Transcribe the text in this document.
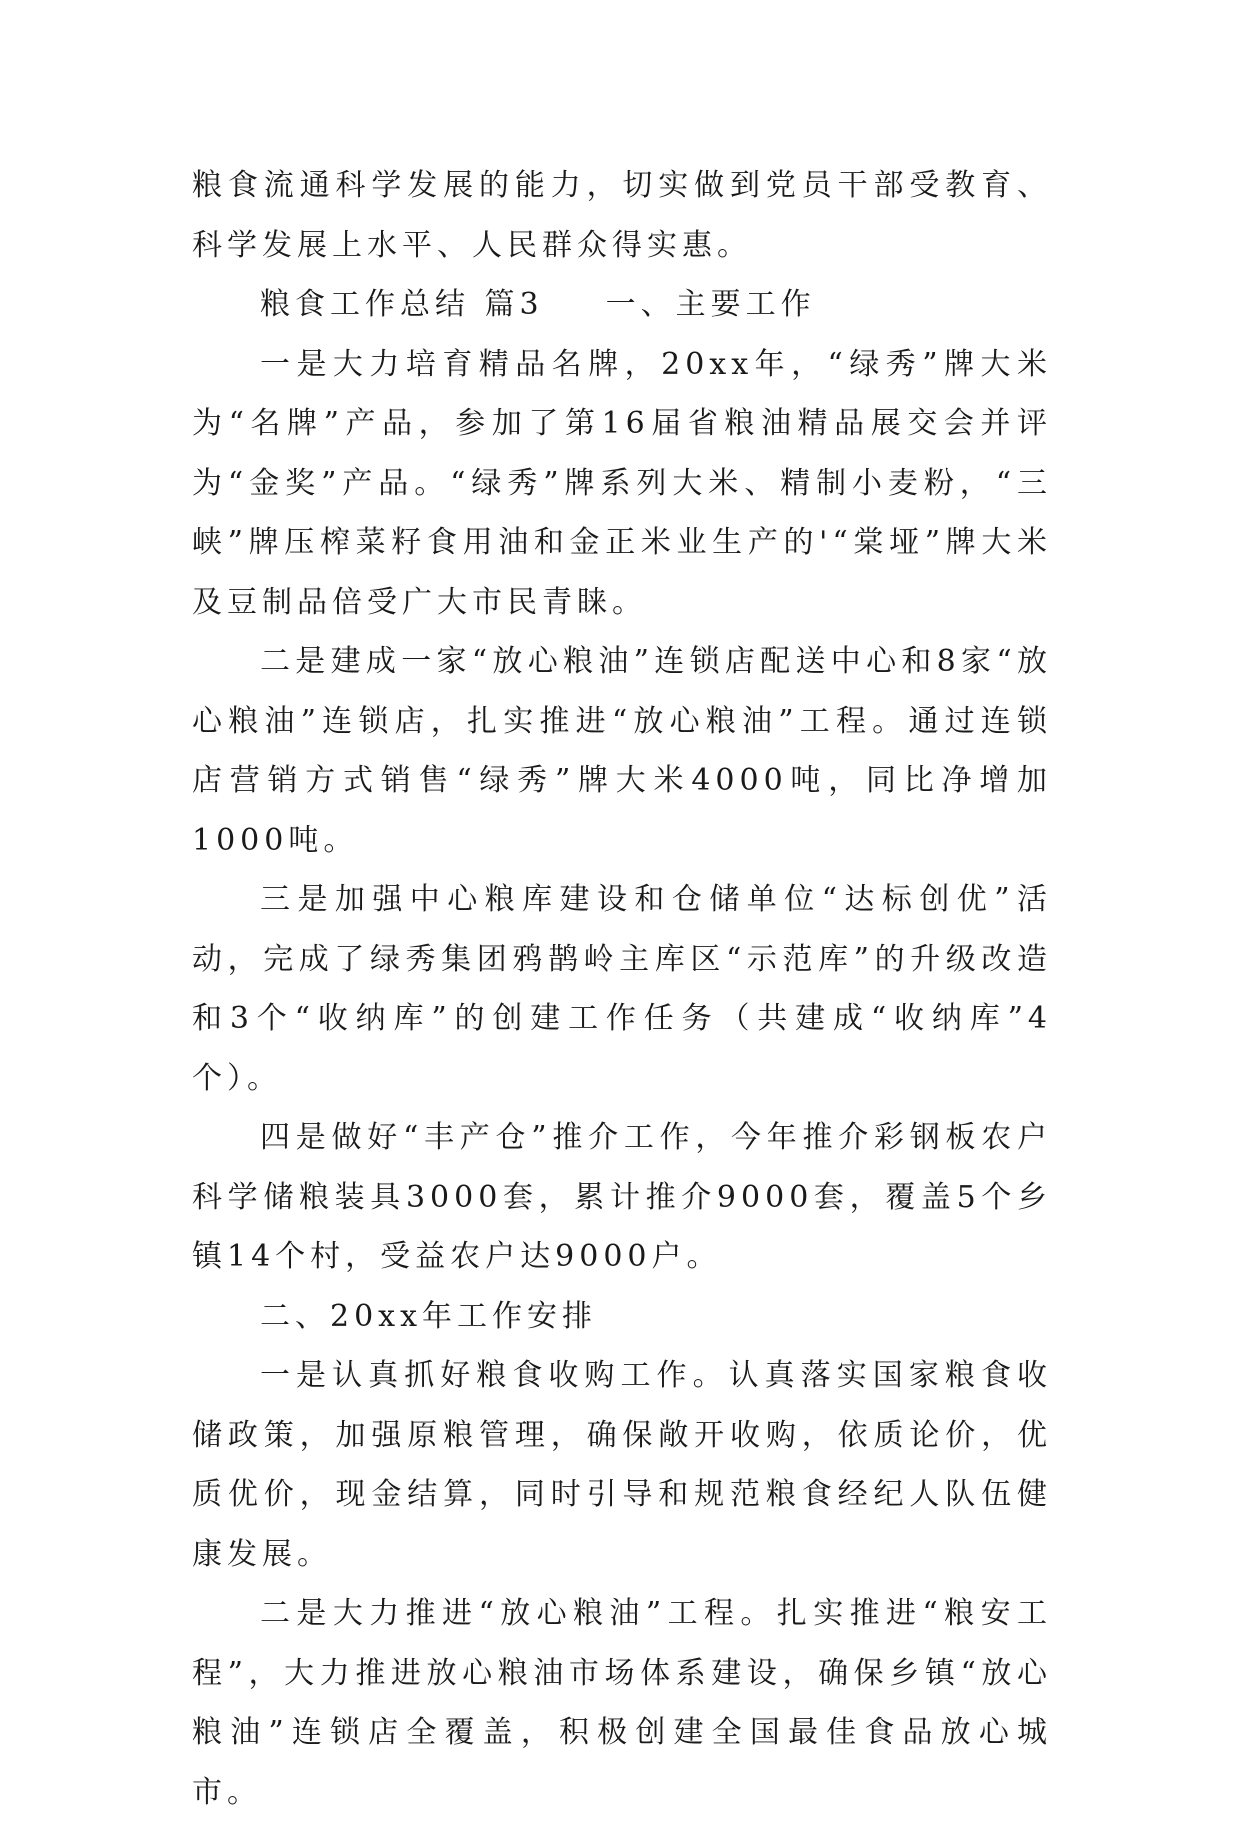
粮食流通科学发展的能力，切实做到党员干部受教育、科学发展上水平、人民群众得实惠。

粮食工作总结 篇3 一、主要工作

一是大力培育精品名牌，20xx年，“绿秀”牌大米为“名牌”产品，参加了第16届省粮油精品展交会并评为“金奖”产品。“绿秀”牌系列大米、精制小麦粉，“三峡”牌压榨菜籽食用油和金正米业生产的'“棠垭”牌大米及豆制品倍受广大市民青睐。

二是建成一家“放心粮油”连锁店配送中心和8家“放心粮油”连锁店，扎实推进“放心粮油”工程。通过连锁店营销方式销售“绿秀”牌大米4000吨，同比净增加1000吨。

三是加强中心粮库建设和仓储单位“达标创优”活动，完成了绿秀集团鸦鹊岭主库区“示范库”的升级改造和3个“收纳库”的创建工作任务（共建成“收纳库”4个）。

四是做好“丰产仓”推介工作，今年推介彩钢板农户科学储粮装具3000套，累计推介9000套，覆盖5个乡镇14个村，受益农户达9000户。

二、20xx年工作安排

一是认真抓好粮食收购工作。认真落实国家粮食收储政策，加强原粮管理，确保敞开收购，依质论价，优质优价，现金结算，同时引导和规范粮食经纪人队伍健康发展。

二是大力推进“放心粮油”工程。扎实推进“粮安工程”，大力推进放心粮油市场体系建设，确保乡镇“放心粮油”连锁店全覆盖，积极创建全国最佳食品放心城市。
